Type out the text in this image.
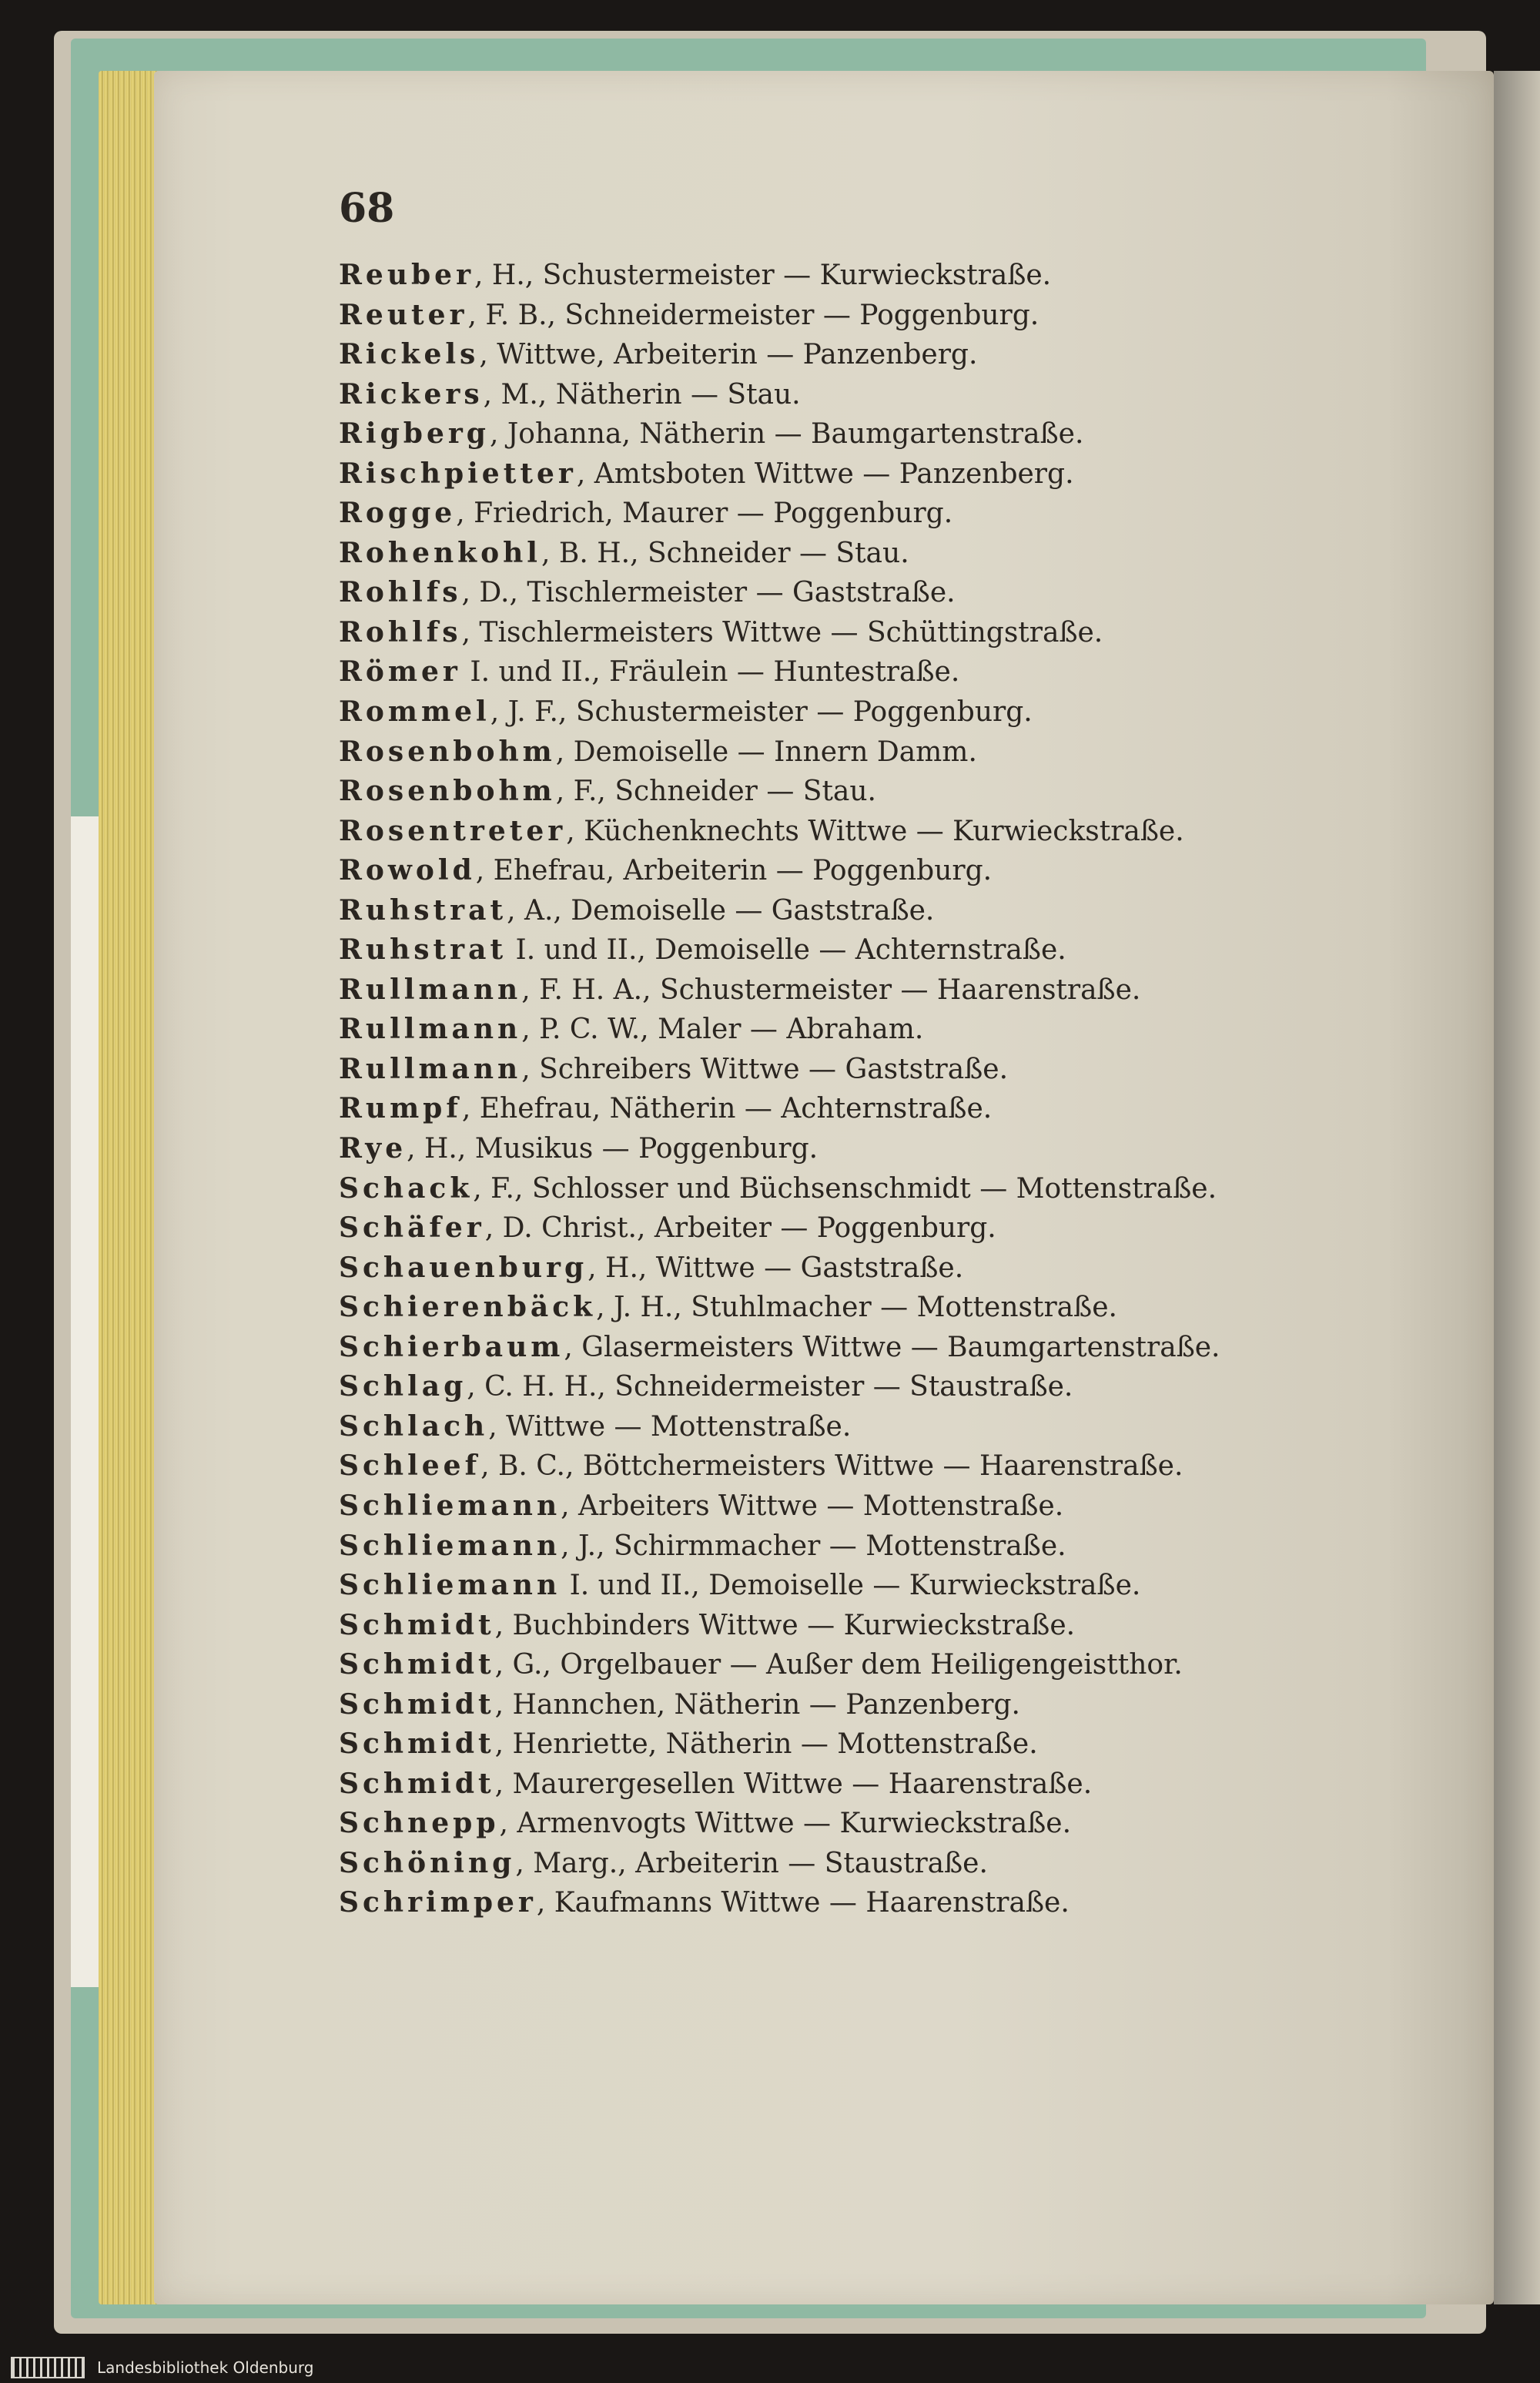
68
Reuber, H., Schustermeister — Kurwieckstraße.
Reuter, F. B., Schneidermeister — Poggenburg.
Rickels, Wittwe, Arbeiterin — Panzenberg.
Rickers, M., Nätherin — Stau.
Rigberg, Johanna, Nätherin — Baumgartenstraße.
Rischpietter, Amtsboten Wittwe — Panzenberg.
Rogge, Friedrich, Maurer — Poggenburg.
Rohenkohl, B. H., Schneider — Stau.
Rohlfs, D., Tischlermeister — Gaststraße.
Rohlfs, Tischlermeisters Wittwe — Schüttingstraße.
Römer I. und II., Fräulein — Huntestraße.
Rommel, J. F., Schustermeister — Poggenburg.
Rosenbohm, Demoiselle — Innern Damm.
Rosenbohm, F., Schneider — Stau.
Rosentreter, Küchenknechts Wittwe — Kurwieckstraße.
Rowold, Ehefrau, Arbeiterin — Poggenburg.
Ruhstrat, A., Demoiselle — Gaststraße.
Ruhstrat I. und II., Demoiselle — Achternstraße.
Rullmann, F. H. A., Schustermeister — Haarenstraße.
Rullmann, P. C. W., Maler — Abraham.
Rullmann, Schreibers Wittwe — Gaststraße.
Rumpf, Ehefrau, Nätherin — Achternstraße.
Rye, H., Musikus — Poggenburg.
Schack, F., Schlosser und Büchsenschmidt — Mottenstraße.
Schäfer, D. Christ., Arbeiter — Poggenburg.
Schauenburg, H., Wittwe — Gaststraße.
Schierenbäck, J. H., Stuhlmacher — Mottenstraße.
Schierbaum, Glasermeisters Wittwe — Baumgartenstraße.
Schlag, C. H. H., Schneidermeister — Staustraße.
Schlach, Wittwe — Mottenstraße.
Schleef, B. C., Böttchermeisters Wittwe — Haarenstraße.
Schliemann, Arbeiters Wittwe — Mottenstraße.
Schliemann, J., Schirmmacher — Mottenstraße.
Schliemann I. und II., Demoiselle — Kurwieckstraße.
Schmidt, Buchbinders Wittwe — Kurwieckstraße.
Schmidt, G., Orgelbauer — Außer dem Heiligengeistthor.
Schmidt, Hannchen, Nätherin — Panzenberg.
Schmidt, Henriette, Nätherin — Mottenstraße.
Schmidt, Maurergesellen Wittwe — Haarenstraße.
Schnepp, Armenvogts Wittwe — Kurwieckstraße.
Schöning, Marg., Arbeiterin — Staustraße.
Schrimper, Kaufmanns Wittwe — Haarenstraße.
Landesbibliothek Oldenburg
